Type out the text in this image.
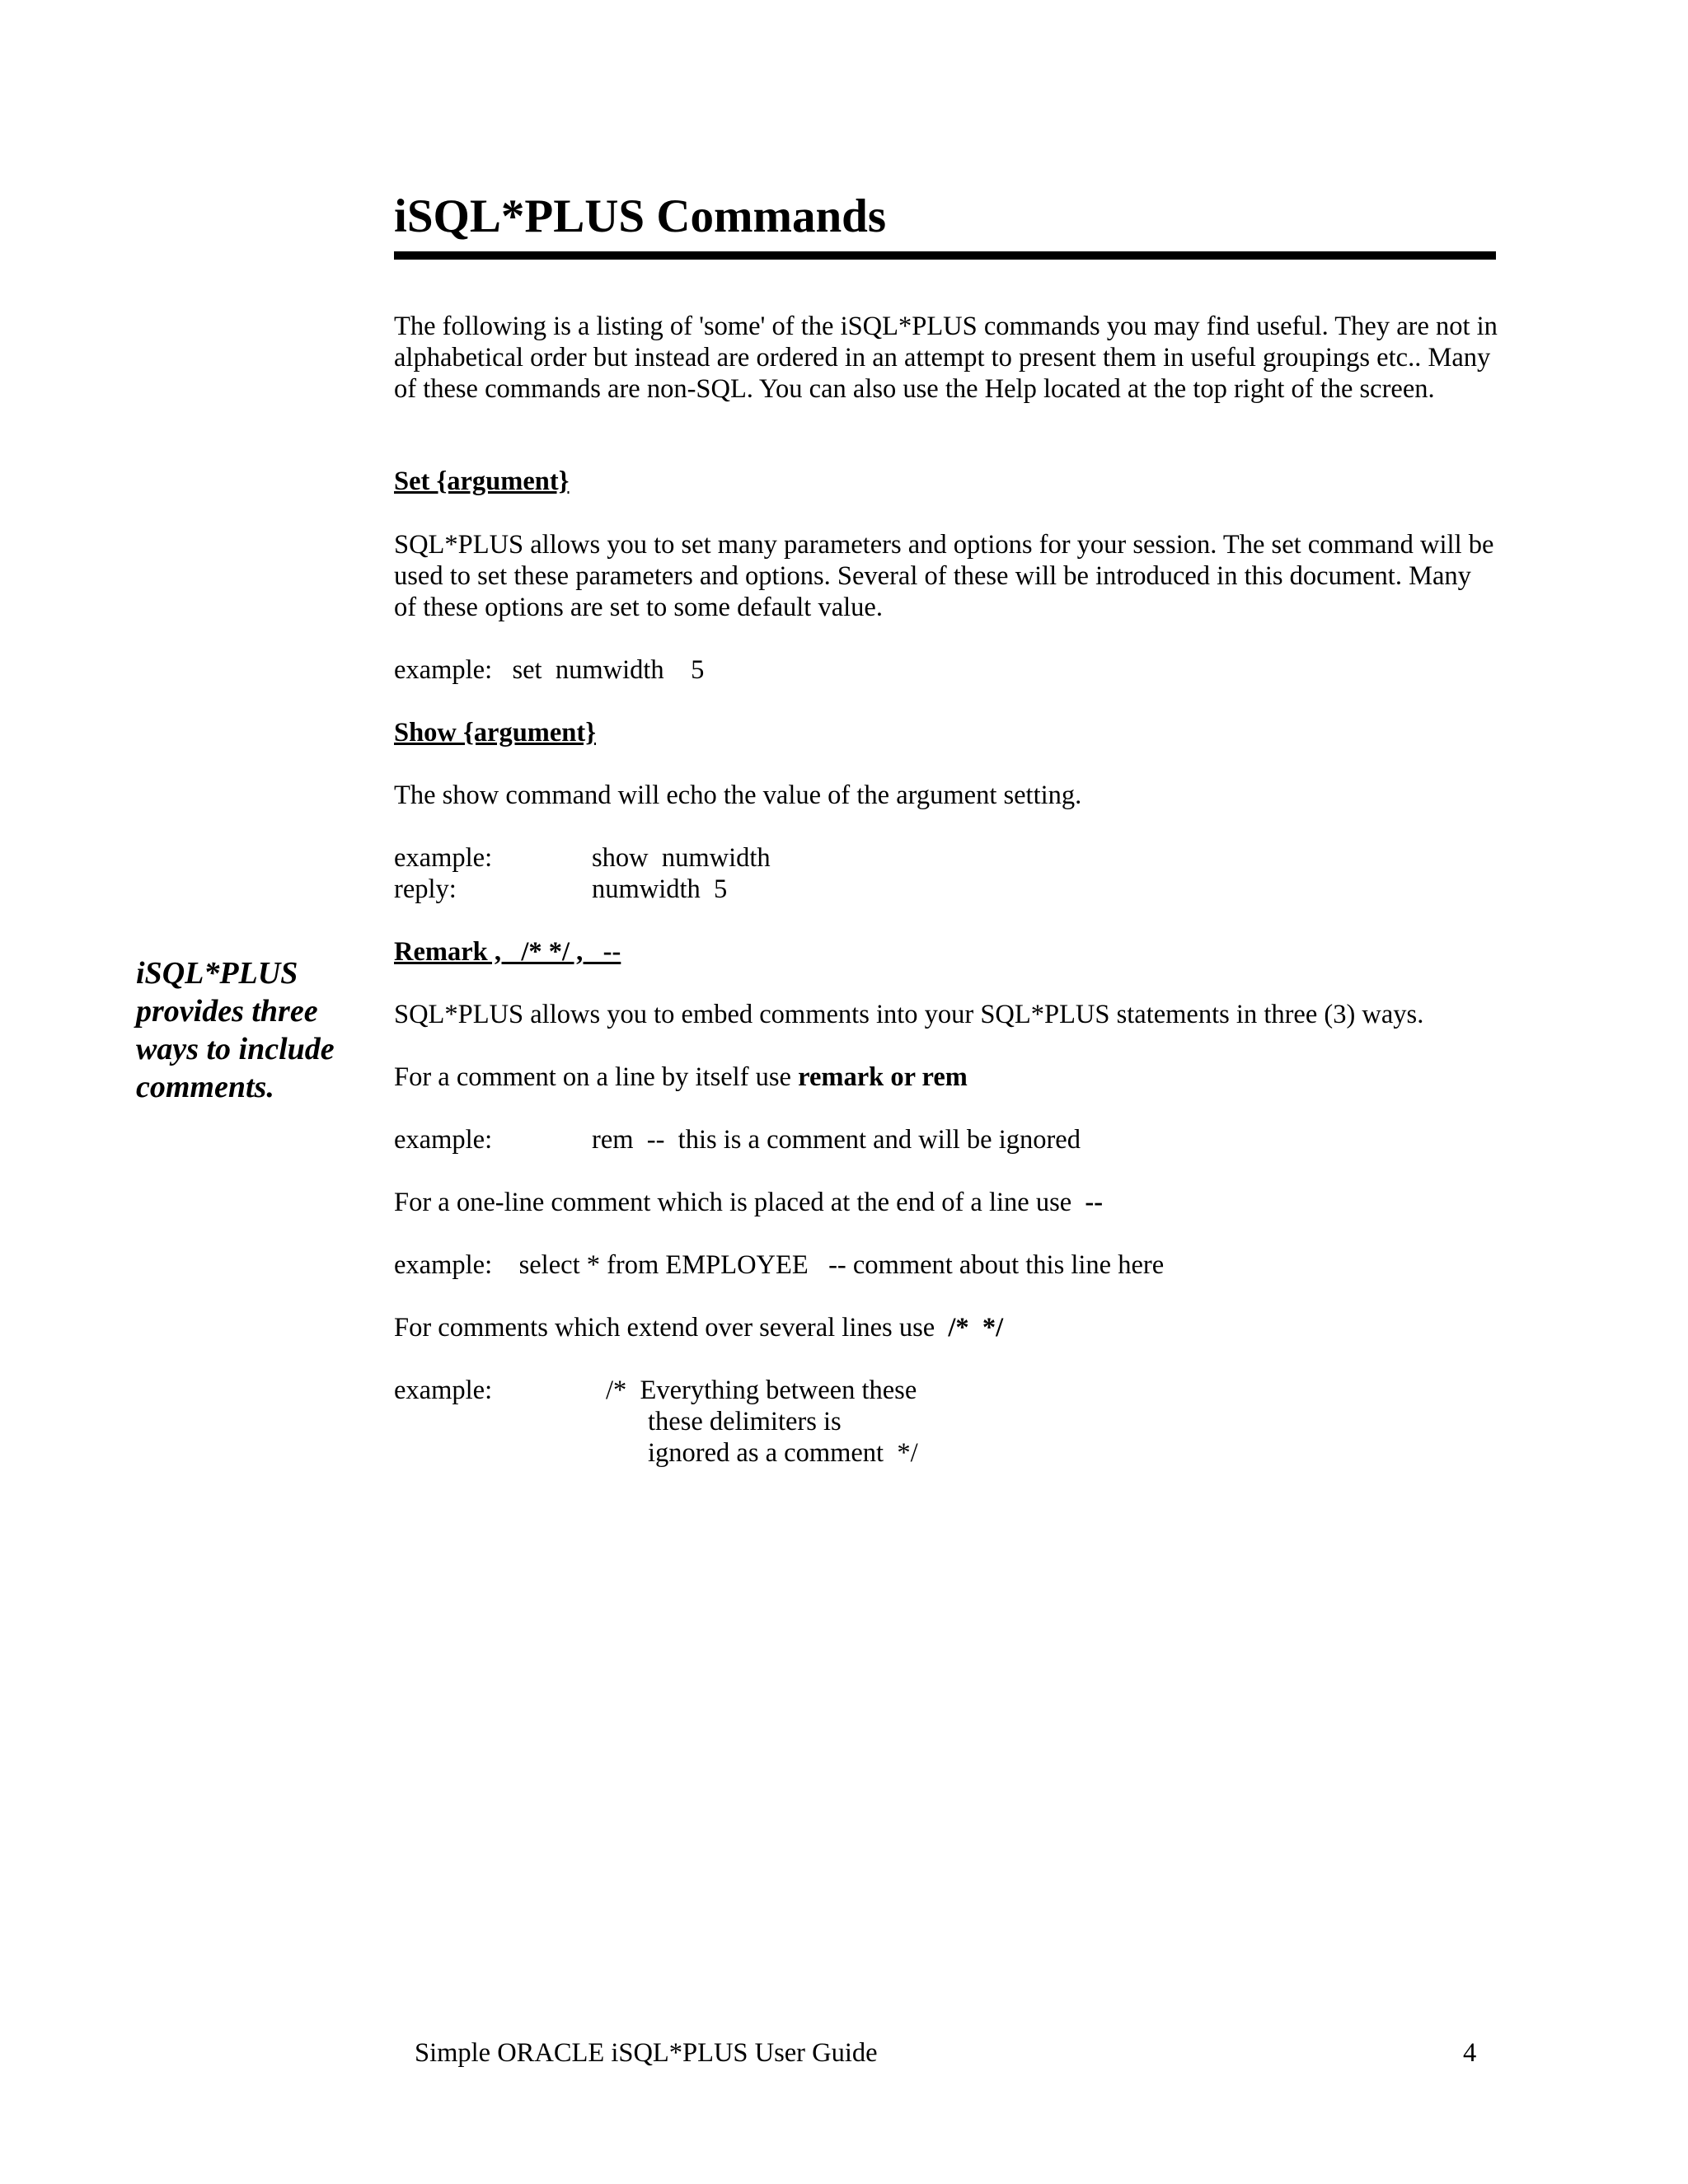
iSQL*PLUS Commands

The following is a listing of 'some' of the iSQL*PLUS commands you may find useful. They are not in alphabetical order but instead are ordered in an attempt to present them in useful groupings etc.. Many of these commands are non-SQL. You can also use the Help located at the top right of the screen.

Set {argument}

SQL*PLUS allows you to set many parameters and options for your session. The set command will be used to set these parameters and options. Several of these will be introduced in this document. Many of these options are set to some default value.

example:   set  numwidth    5

Show {argument}

The show command will echo the value of the argument setting.

example:	show  numwidth

reply:	numwidth  5

Remark ,   /* */ ,   --

SQL*PLUS allows you to embed comments into your SQL*PLUS statements in three (3) ways.

For a comment on a line by itself use remark or rem

example:	rem  --  this is a comment and will be ignored

For a one-line comment which is placed at the end of a line use  --

example:    select * from EMPLOYEE   -- comment about this line here

For comments which extend over several lines use  /*  */

example:	/*  Everything between these

these delimiters is

ignored as a comment  */

iSQL*PLUS provides three ways to include comments.

Simple ORACLE iSQL*PLUS User Guide	4
